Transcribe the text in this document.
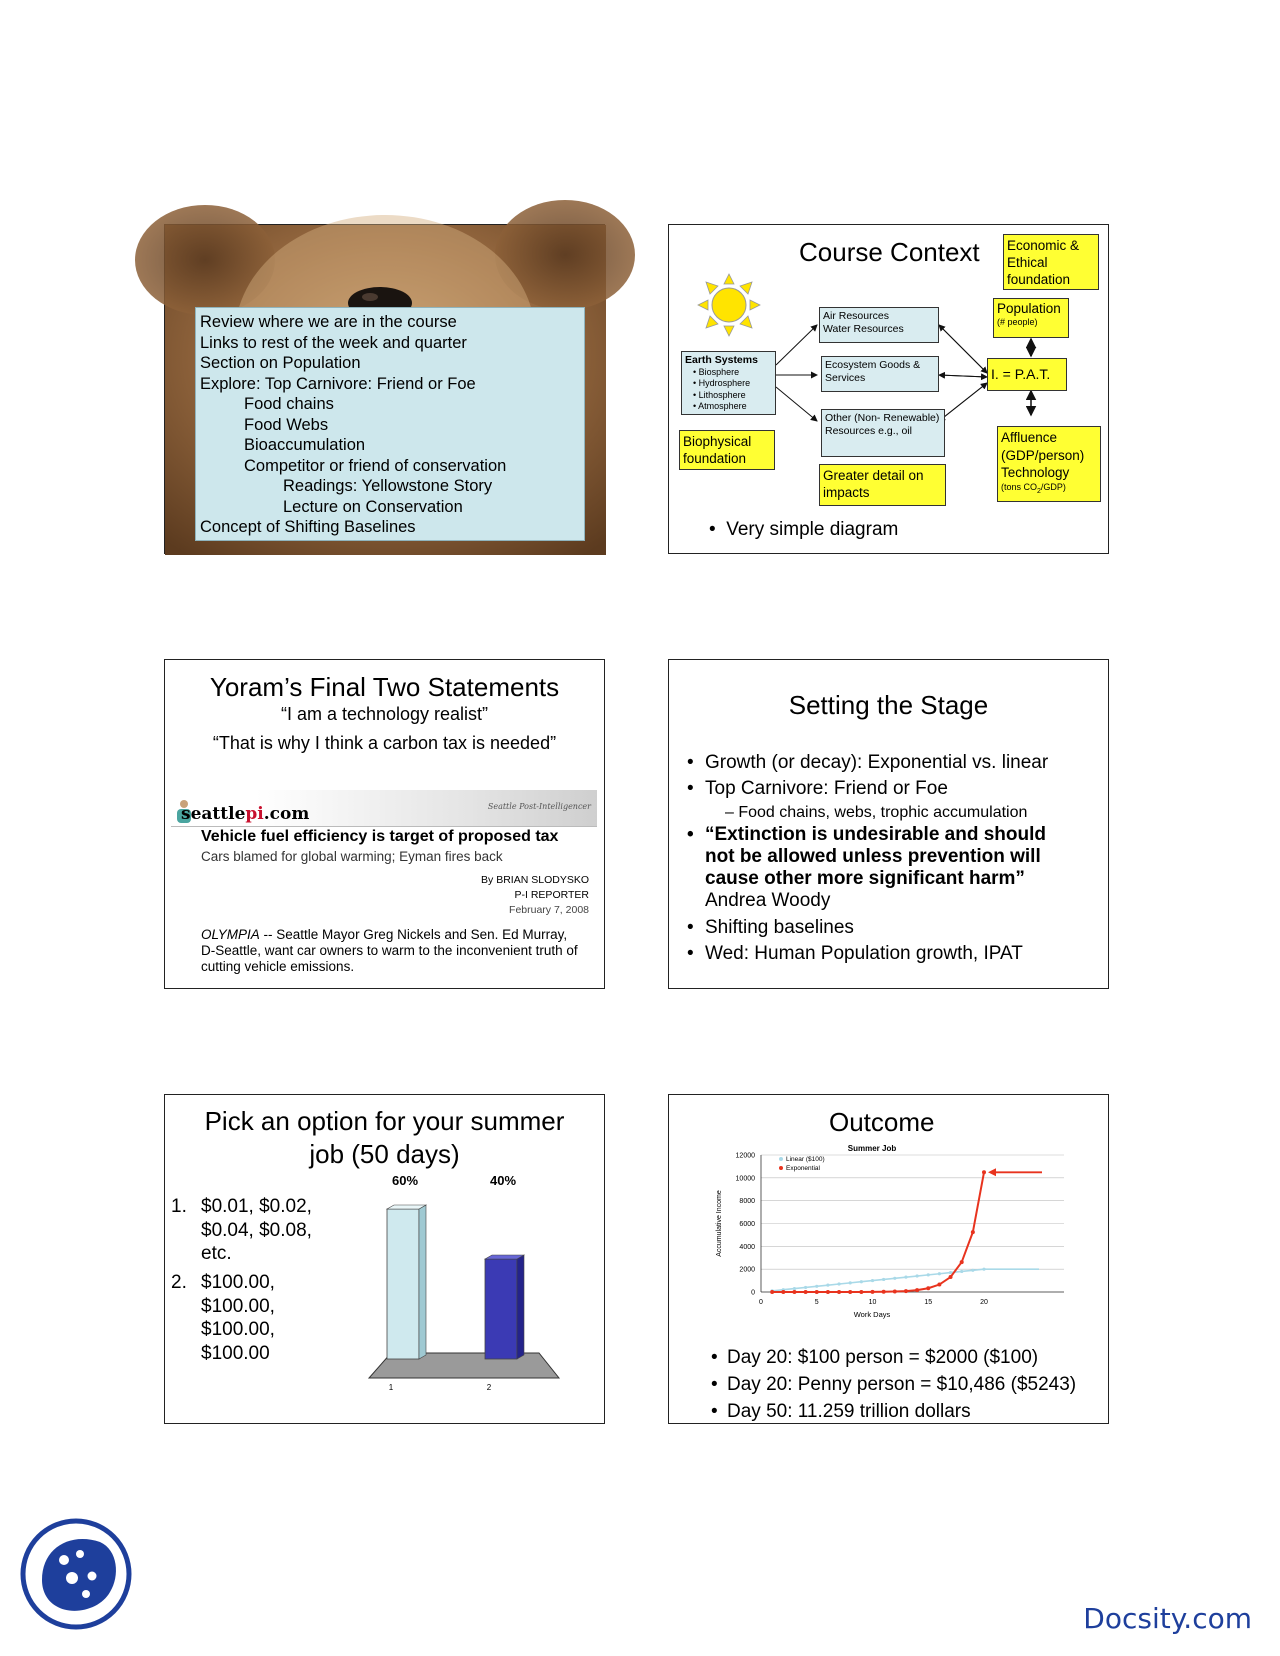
Review where we are in the course
Links to rest of the week and quarter
Section on Population
Explore: Top Carnivore: Friend or Foe
Food chains
Food Webs
Bioaccumulation
Competitor or friend of conservation
Readings: Yellowstone Story
Lecture on Conservation
Concept of Shifting Baselines
Course Context Economic & Ethical foundation
Population
(# people)
Air Resources
Water Resources
Earth Systems
• Biosphere
• Hydrosphere
• Lithosphere
• Atmosphere
Ecosystem Goods & Services	I. = P.A.T.
Other (Non- Renewable) Resources e.g., oil
Biophysical foundation
Affluence (GDP/person)
Technology
(tons $CO_2/GDP$)
Greater detail on impacts
•  Very simple diagram
Yoram’s Final Two Statements
“I am a technology realist”
“That is why I think a carbon tax is needed”
seattlepi.com	Seattle Post-Intelligencer
Vehicle fuel efficiency is target of proposed tax
Cars blamed for global warming; Eyman fires back
By BRIAN SLODYSKO
P-I REPORTER
February 7, 2008
OLYMPIA -- Seattle Mayor Greg Nickels and Sen. Ed Murray, D-Seattle, want car owners to warm to the inconvenient truth of cutting vehicle emissions.
Setting the Stage
• Growth (or decay): Exponential vs. linear
• Top Carnivore: Friend or Foe
– Food chains, webs, trophic accumulation
• “Extinction is undesirable and should
not be allowed unless prevention will
cause other more significant harm”
Andrea Woody
• Shifting baselines
• Wed: Human Population growth, IPAT
Pick an option for your summer
job (50 days)
1. $0.01, $0.02,
$0.04, $0.08,
etc.
2. $100.00,
$100.00,
$100.00,
$100.00
60%
1
40%
2
Outcome
Summer Job
0
2000
4000
6000
8000
10000
12000
0	5	10	15	20
Work Days
Accumulative Income
Linear ($100)
Exponential
• Day 20: $100 person = $2000 ($100)
• Day 20: Penny person = $10,486 ($5243)
• Day 50: 11.259 trillion dollars
Docsity.com
